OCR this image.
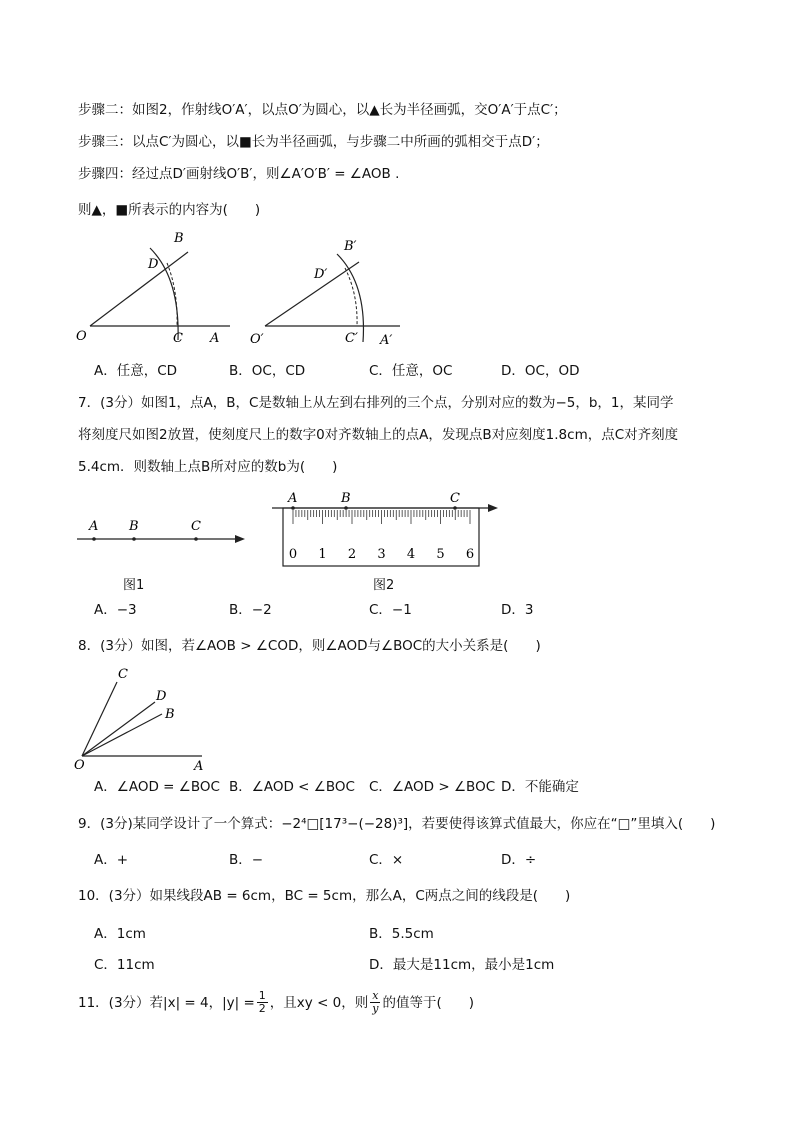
步骤二：如图2，作射线O′A′，以点O′为圆心，以▲长为半径画弧，交O′A′于点C′；
步骤三：以点C′为圆心，以■长为半径画弧，与步骤二中所画的弧相交于点D′；
步骤四：经过点D′画射线O′B′，则∠A′O′B′ = ∠AOB .
则▲，■所表示的内容为(　　)
B
D
O	C A
B′
D′
O′	C′ A′
A．任意，CD	B．OC，CD	C．任意，OC	D．OC，OD
7．(3分）如图1，点A，B，C是数轴上从左到右排列的三个点，分别对应的数为−5，b，1，某同学
将刻度尺如图2放置，使刻度尺上的数字0对齐数轴上的点A，发现点B对应刻度1.8cm，点C对齐刻度
5.4cm．则数轴上点B所对应的数b为(　　)
A B	C
图1
A	B	C
0 1 2 3 4 5 6
图2
A．−3	B．−2	C．−1	D．3
8．(3分）如图，若∠AOB > ∠COD，则∠AOD与∠BOC的大小关系是(　　)
C
D
B
O	A
A．∠AOD = ∠BOC B．∠AOD < ∠BOC C．∠AOD > ∠BOC D．不能确定
9．(3分)某同学设计了一个算式：−2⁴□[17³−(−28)³]，若要使得该算式值最大，你应在“□”里填入(　　)
A．+	B．−	C．×	D．÷
10．(3分）如果线段AB = 6cm，BC = 5cm，那么A，C两点之间的线段是(　　)
A．1cm	B．5.5cm
C．11cm	D．最大是11cm，最小是1cm
11．(3分）若|x| = 4，$|y| = \frac{1}{2}$ ，且xy < 0，则 $\frac{x}{y}$ 的值等于(　　)
